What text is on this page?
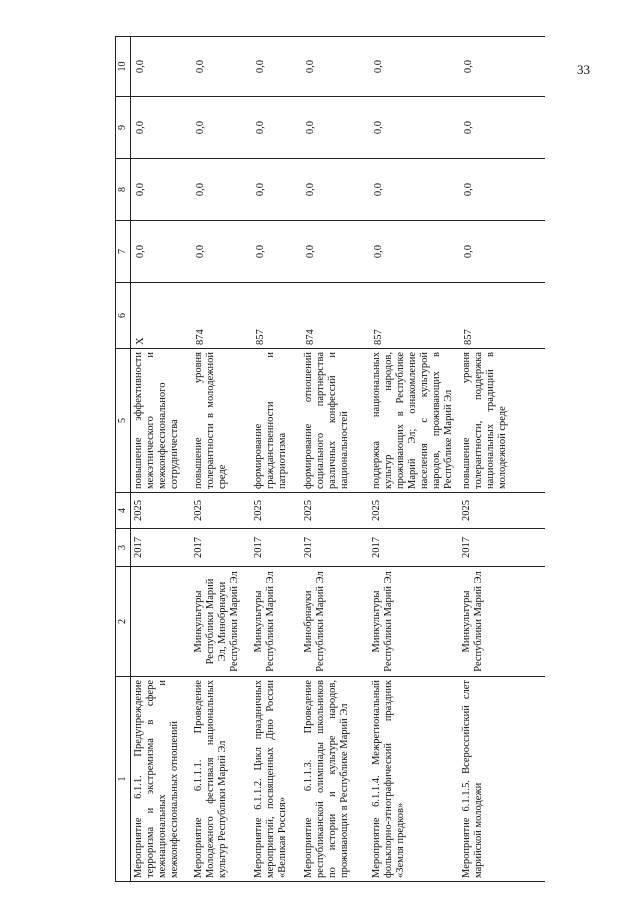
33
1	2	3	4	5	6	7	8	9	10
Мероприятие 6.1.1. Предупреждение терроризма и экстремизма в сфере межнациональных и межконфессиональных отношений		2017	2025	повышение эффективности межэтнического и межконфессионального сотрудничества	X	0,0	0,0	0,0	0,0
Мероприятие 6.1.1.1. Проведение Молодежного фестиваля национальных культур Республики Марий Эл	Минкультуры Республики Марий Эл, Минобрнауки Республики Марий Эл	2017	2025	повышение уровня толерантности в молодежной среде	874	0,0	0,0	0,0	0,0
Мероприятие 6.1.1.2. Цикл праздничных мероприятий, посвященных Дню России «Великая Россия»	Минкультуры Республики Марий Эл	2017	2025	формирование гражданственности и патриотизма	857	0,0	0,0	0,0	0,0
Мероприятие 6.1.1.3. Проведение республиканской олимпиады школьников по истории и культуре народов, проживающих в Республике Марий Эл	Минобрнауки Республики Марий Эл	2017	2025	формирование отношений социального партнерства различных конфессий и национальностей	874	0,0	0,0	0,0	0,0
Мероприятие 6.1.1.4. Межрегиональный фольклорно-этнографический праздник «Земля предков»	Минкультуры Республики Марий Эл	2017	2025	поддержка национальных культур народов, проживающих в Республике Марий Эл; ознакомление населения с культурой народов, проживающих в Республике Марий Эл	857	0,0	0,0	0,0	0,0
Мероприятие 6.1.1.5. Всероссийский слет марийской молодежи	Минкультуры Республики Марий Эл	2017	2025	повышение уровня толерантности, поддержка национальных традиций в молодежной среде	857	0,0	0,0	0,0	0,0
